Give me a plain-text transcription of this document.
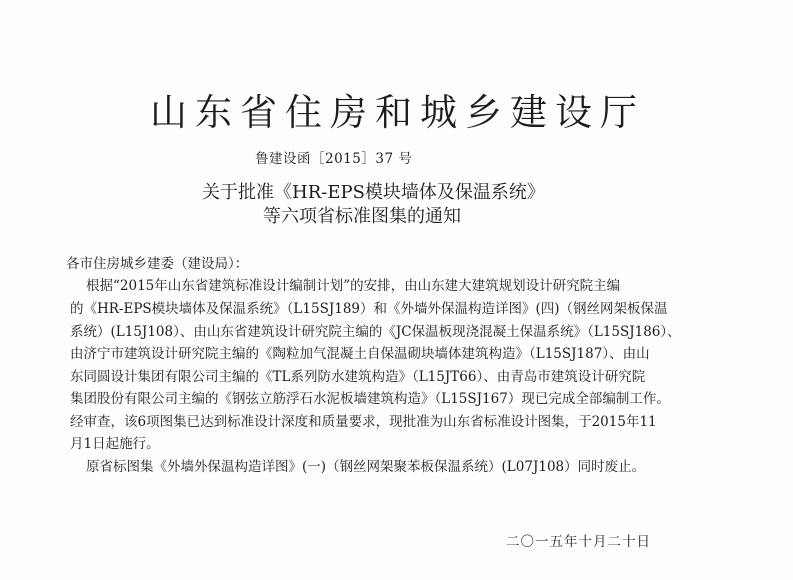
山东省住房和城乡建设厅
鲁建设函［2015］37 号
关于批准《HR-EPS模块墙体及保温系统》
等六项省标准图集的通知
各市住房城乡建委（建设局）：
根据“2015年山东省建筑标准设计编制计划”的安排，由山东建大建筑规划设计研究院主编
的《HR-EPS模块墙体及保温系统》（L15SJ189）和《外墙外保温构造详图》(四)（钢丝网架板保温
系统）(L15J108）、由山东省建筑设计研究院主编的《JC保温板现浇混凝土保温系统》（L15SJ186）、
由济宁市建筑设计研究院主编的《陶粒加气混凝土自保温砌块墙体建筑构造》（L15SJ187）、由山
东同圆设计集团有限公司主编的《TL系列防水建筑构造》（L15JT66）、由青岛市建筑设计研究院
集团股份有限公司主编的《钢弦立筋浮石水泥板墙建筑构造》（L15SJ167）现已完成全部编制工作。
经审查，该6项图集已达到标准设计深度和质量要求，现批准为山东省标准设计图集，于2015年11
月1日起施行。
原省标图集《外墙外保温构造详图》(一)（钢丝网架聚苯板保温系统）(L07J108）同时废止。
二〇一五年十月二十日
